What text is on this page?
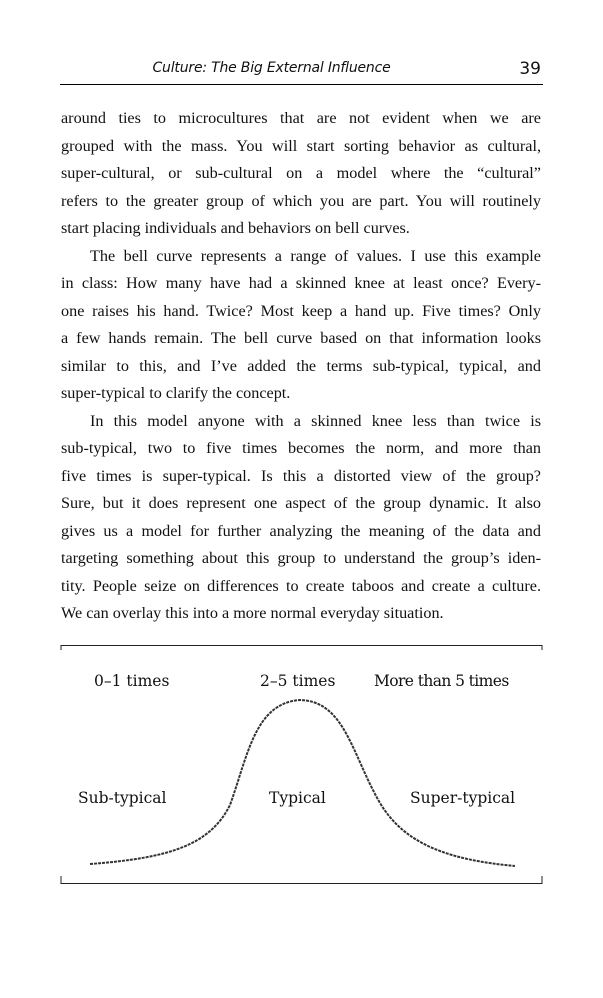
Culture: The Big External Influence	39

around ties to microcultures that are not evident when we are

grouped with the mass. You will start sorting behavior as cultural,

super-cultural, or sub-cultural on a model where the “cultural”

refers to the greater group of which you are part. You will routinely

start placing individuals and behaviors on bell curves.

The bell curve represents a range of values. I use this example

in class: How many have had a skinned knee at least once? Every-

one raises his hand. Twice? Most keep a hand up. Five times? Only

a few hands remain. The bell curve based on that information looks

similar to this, and I’ve added the terms sub-typical, typical, and

super-typical to clarify the concept.

In this model anyone with a skinned knee less than twice is

sub-typical, two to five times becomes the norm, and more than

five times is super-typical. Is this a distorted view of the group?

Sure, but it does represent one aspect of the group dynamic. It also

gives us a model for further analyzing the meaning of the data and

targeting something about this group to understand the group’s iden-

tity. People seize on differences to create taboos and create a culture.

We can overlay this into a more normal everyday situation.

0–1 times	2–5 times More than 5 times
Sub-typical	Typical	Super-typical
